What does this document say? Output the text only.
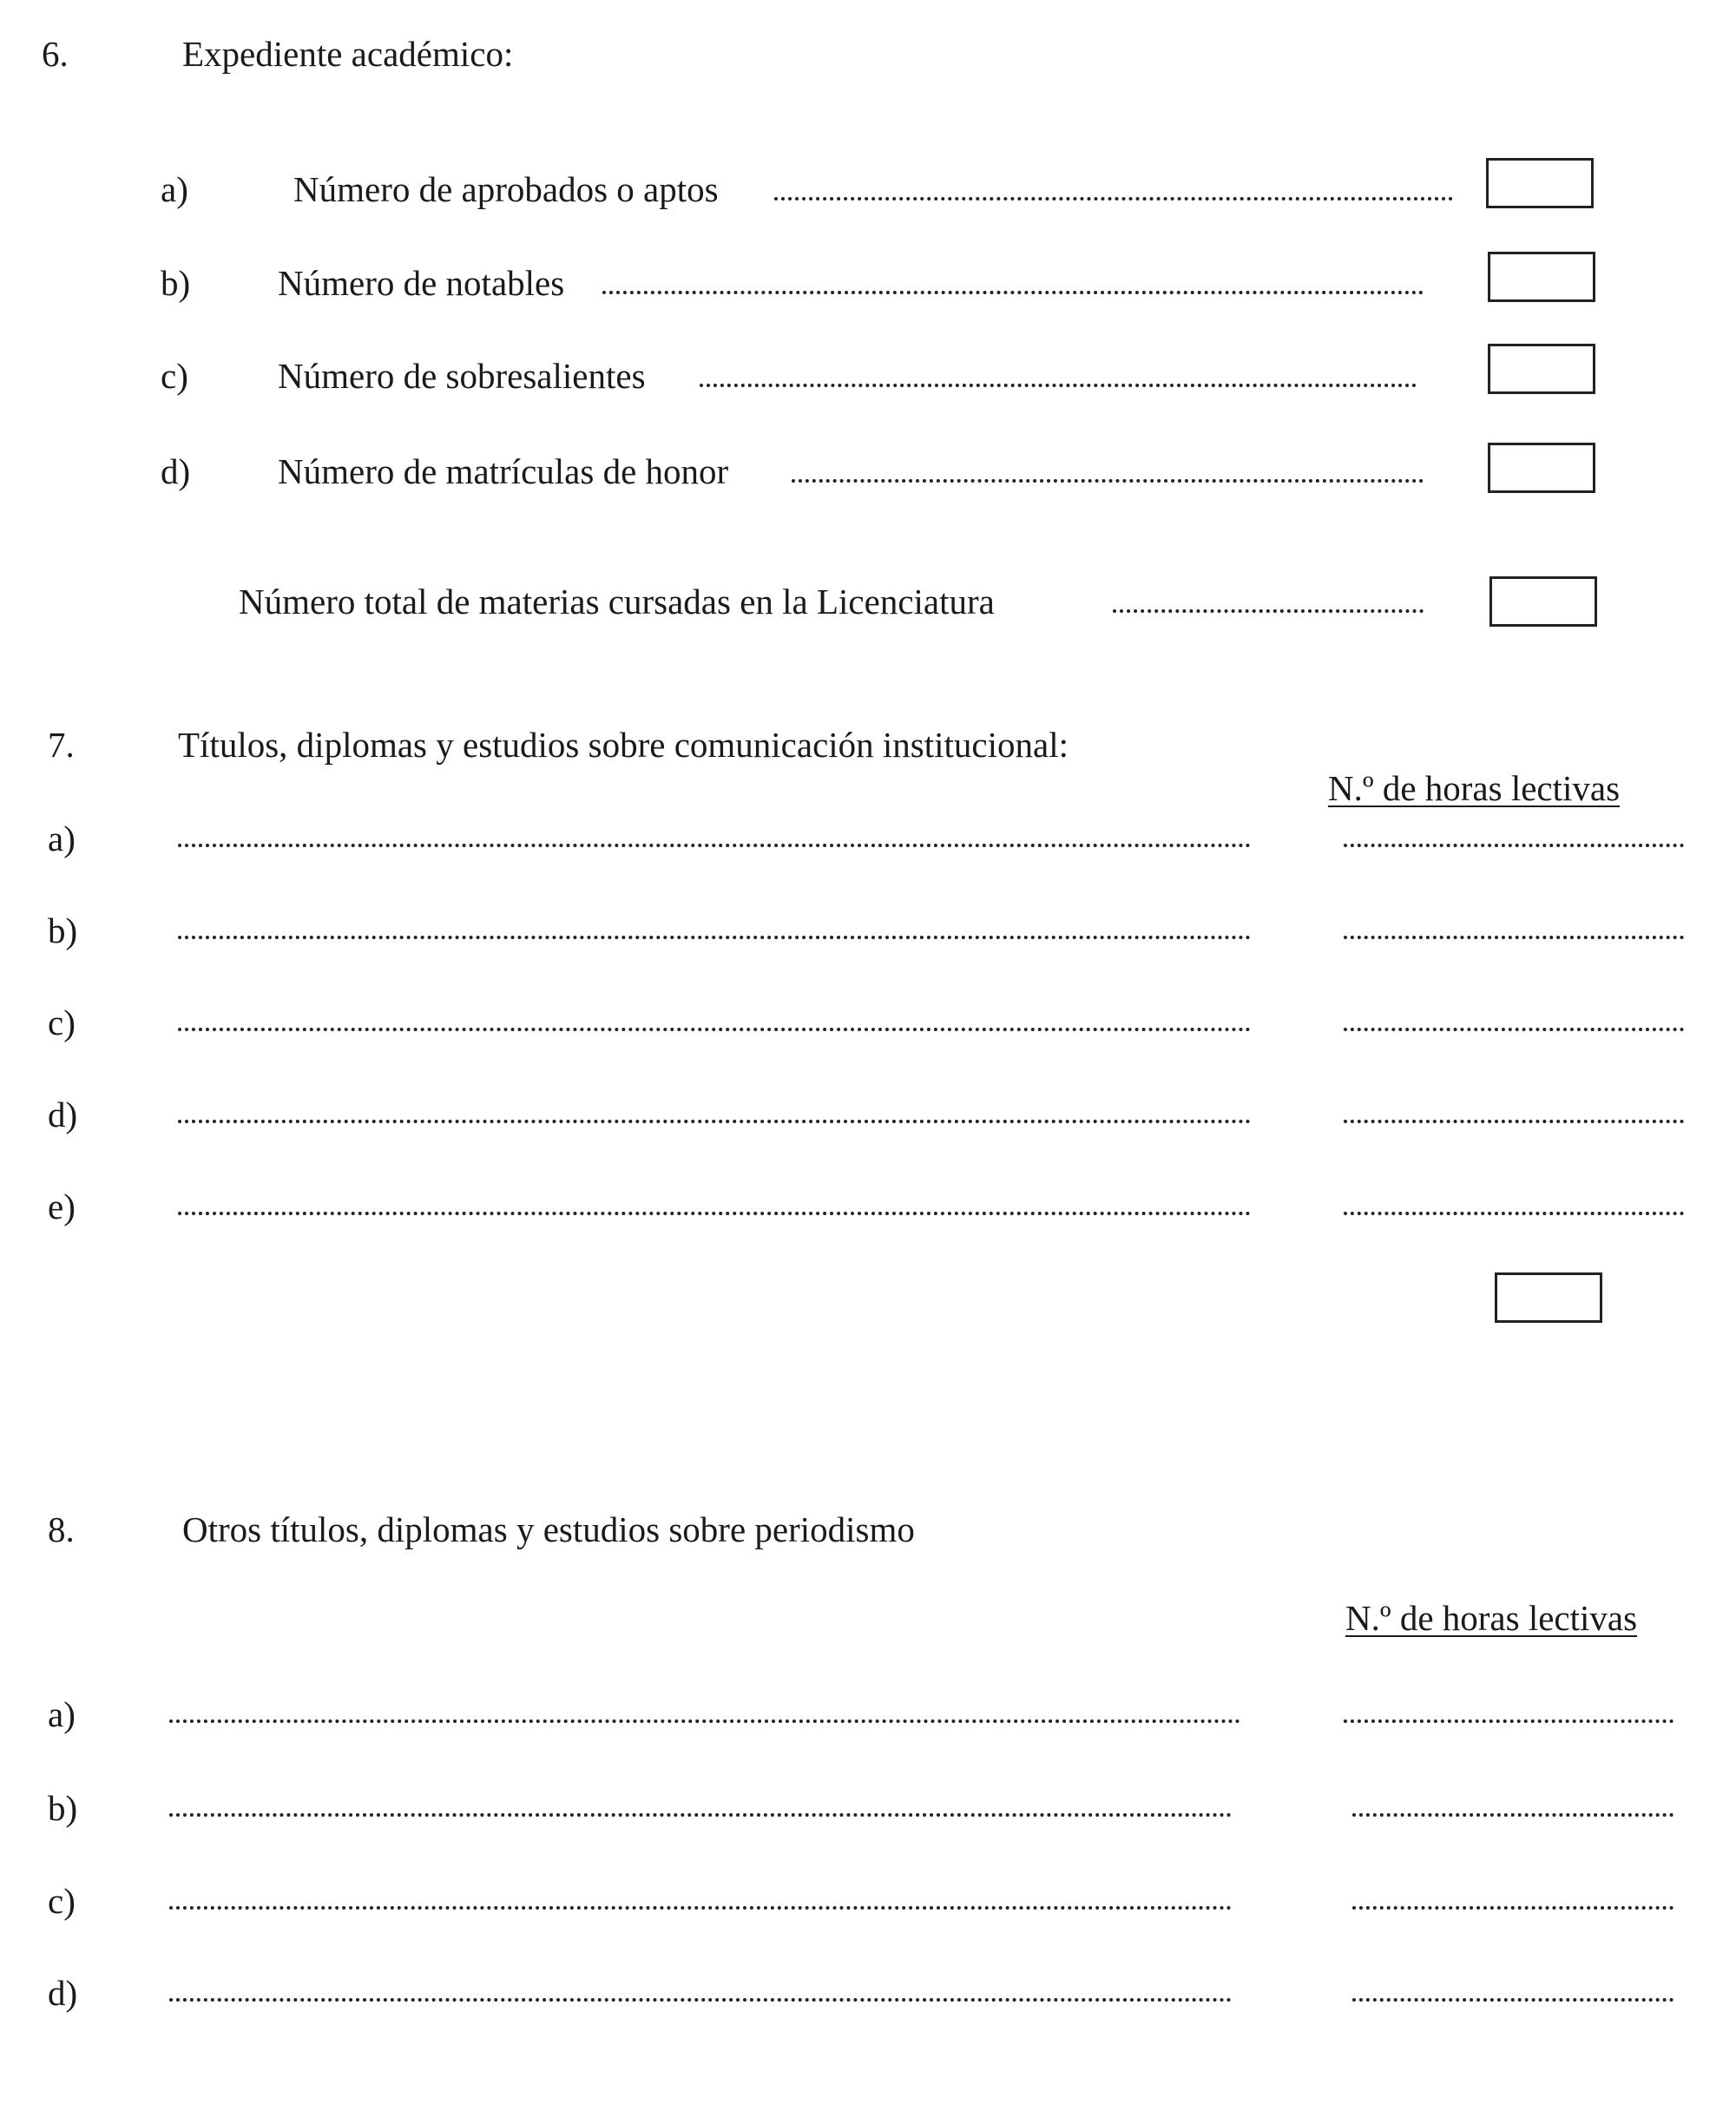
6.	Expediente académico:
a)	Número de aprobados o aptos
b) Número de notables
c)	Número de sobresalientes
d) Número de matrículas de honor
Número total de materias cursadas en la Licenciatura
7.	Títulos, diplomas y estudios sobre comunicación institucional:
N.º de horas lectivas
a)
b)
c)
d)
e)
8.	Otros títulos, diplomas y estudios sobre periodismo
N.º de horas lectivas
a)
b)
c)
d)
